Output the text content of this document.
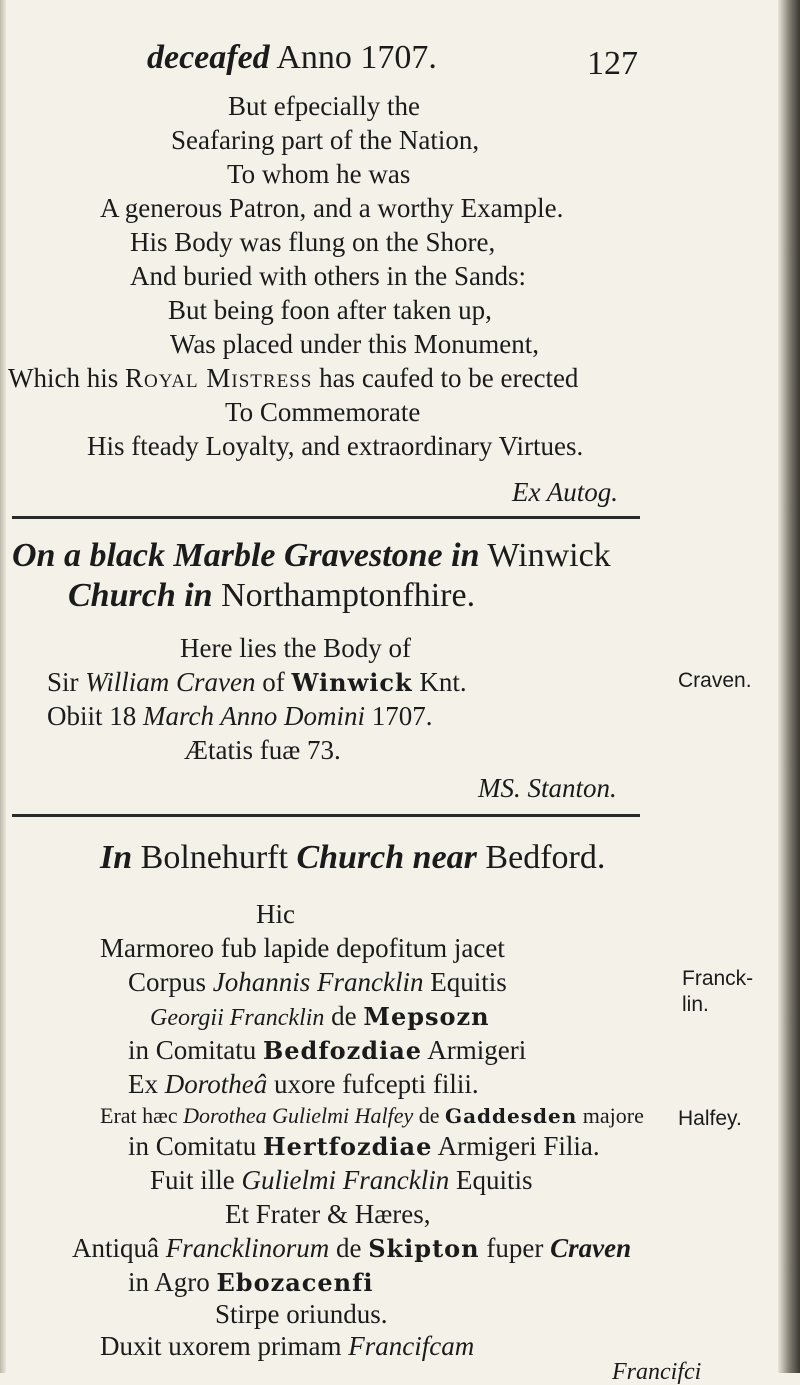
deceafed Anno 1707.	127
But efpecially the
Seafaring part of the Nation,
To whom he was
A generous Patron, and a worthy Example.
His Body was flung on the Shore,
And buried with others in the Sands:
But being foon after taken up,
Was placed under this Monument,
Which his Royal Mistress has caufed to be erected
To Commemorate
His fteady Loyalty, and extraordinary Virtues.
Ex Autog.
On a black Marble Gravestone in Winwick
Church in Northamptonfhire.
Here lies the Body of
Sir William Craven of Winwick Knt.
Obiit 18 March Anno Domini 1707.
Ætatis fuæ 73.
MS. Stanton.
Craven.
In Bolnehurft Church near Bedford.
Hic
Marmoreo fub lapide depofitum jacet
Corpus Johannis Francklin Equitis
Georgii Francklin de Mepsozn
in Comitatu Bedfozdiae Armigeri
Ex Dorotheâ uxore fufcepti filii.
Erat hæc Dorothea Gulielmi Halfey de Gaddesden majore
in Comitatu Hertfozdiae Armigeri Filia.
Fuit ille Gulielmi Francklin Equitis
Et Frater & Hæres,
Antiquâ Francklinorum de Skipton fuper Craven
in Agro Ebozacenfi
Stirpe oriundus.
Duxit uxorem primam Francifcam
Francifci
Franck-
lin.
Halfey.
